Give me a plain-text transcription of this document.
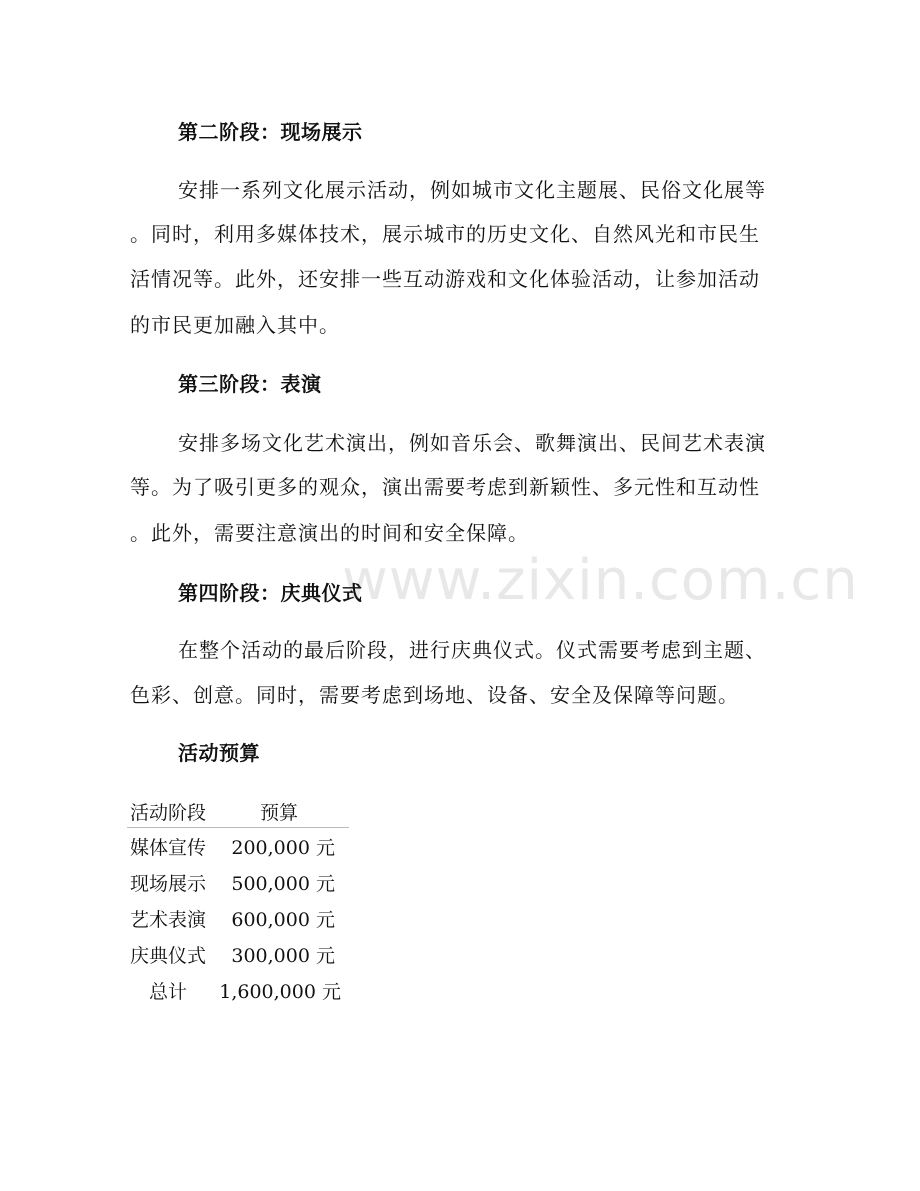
www.zixin.com.cn
第二阶段：现场展示
安排一系列文化展示活动，例如城市文化主题展、民俗文化展等
。同时，利用多媒体技术，展示城市的历史文化、自然风光和市民生
活情况等。此外，还安排一些互动游戏和文化体验活动，让参加活动
的市民更加融入其中。
第三阶段：表演
安排多场文化艺术演出，例如音乐会、歌舞演出、民间艺术表演
等。为了吸引更多的观众，演出需要考虑到新颖性、多元性和互动性
。此外，需要注意演出的时间和安全保障。
第四阶段：庆典仪式
在整个活动的最后阶段，进行庆典仪式。仪式需要考虑到主题、
色彩、创意。同时，需要考虑到场地、设备、安全及保障等问题。
活动预算
活动阶段	预算
媒体宣传	200,000 元
现场展示	500,000 元
艺术表演	600,000 元
庆典仪式	300,000 元
总计	1,600,000 元
